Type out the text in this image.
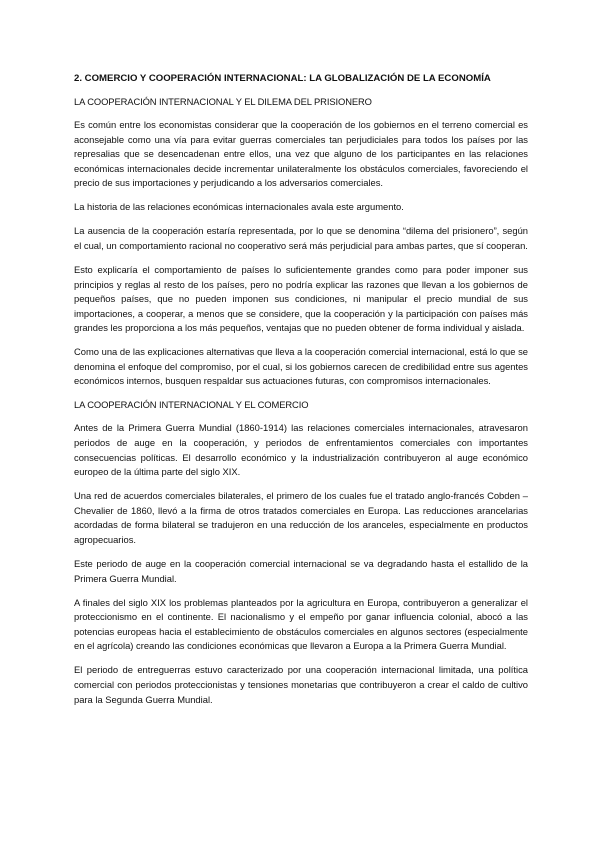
2. COMERCIO Y COOPERACIÓN INTERNACIONAL: LA GLOBALIZACIÓN DE LA ECONOMÍA
LA COOPERACIÓN INTERNACIONAL Y EL DILEMA DEL PRISIONERO

Es común entre los economistas considerar que la cooperación de los gobiernos en el terreno comercial es aconsejable como una vía para evitar guerras comerciales tan perjudiciales para todos los países por las represalias que se desencadenan entre ellos, una vez que alguno de los participantes en las relaciones económicas internacionales decide incrementar unilateralmente los obstáculos comerciales, favoreciendo el precio de sus importaciones y perjudicando a los adversarios comerciales.

La historia de las relaciones económicas internacionales avala este argumento.

La ausencia de la cooperación estaría representada, por lo que se denomina “dilema del prisionero”, según el cual, un comportamiento racional no cooperativo será más perjudicial para ambas partes, que sí cooperan.

Esto explicaría el comportamiento de países lo suficientemente grandes como para poder imponer sus principios y reglas al resto de los países, pero no podría explicar las razones que llevan a los gobiernos de pequeños países, que no pueden imponen sus condiciones, ni manipular el precio mundial de sus importaciones, a cooperar, a menos que se considere, que la cooperación y la participación con países más grandes les proporciona a los más pequeños, ventajas que no pueden obtener de forma individual y aislada.

Como una de las explicaciones alternativas que lleva a la cooperación comercial internacional, está lo que se denomina el enfoque del compromiso, por el cual, si los gobiernos carecen de credibilidad entre sus agentes económicos internos, busquen respaldar sus actuaciones futuras, con compromisos internacionales.

LA COOPERACIÓN INTERNACIONAL Y EL COMERCIO

Antes de la Primera Guerra Mundial (1860-1914) las relaciones comerciales internacionales, atravesaron periodos de auge en la cooperación, y periodos de enfrentamientos comerciales con importantes consecuencias políticas. El desarrollo económico y la industrialización contribuyeron al auge económico europeo de la última parte del siglo XIX.

Una red de acuerdos comerciales bilaterales, el primero de los cuales fue el tratado anglo-francés Cobden – Chevalier de 1860, llevó a la firma de otros tratados comerciales en Europa. Las reducciones arancelarias acordadas de forma bilateral se tradujeron en una reducción de los aranceles, especialmente en productos agropecuarios.

Este periodo de auge en la cooperación comercial internacional se va degradando hasta el estallido de la Primera Guerra Mundial.

A finales del siglo XIX los problemas planteados por la agricultura en Europa, contribuyeron a generalizar el proteccionismo en el continente. El nacionalismo y el empeño por ganar influencia colonial, abocó a las potencias europeas hacia el establecimiento de obstáculos comerciales en algunos sectores (especialmente en el agrícola) creando las condiciones económicas que llevaron a Europa a la Primera Guerra Mundial.

El periodo de entreguerras estuvo caracterizado por una cooperación internacional limitada, una política comercial con periodos proteccionistas y tensiones monetarias que contribuyeron a crear el caldo de cultivo para la Segunda Guerra Mundial.
